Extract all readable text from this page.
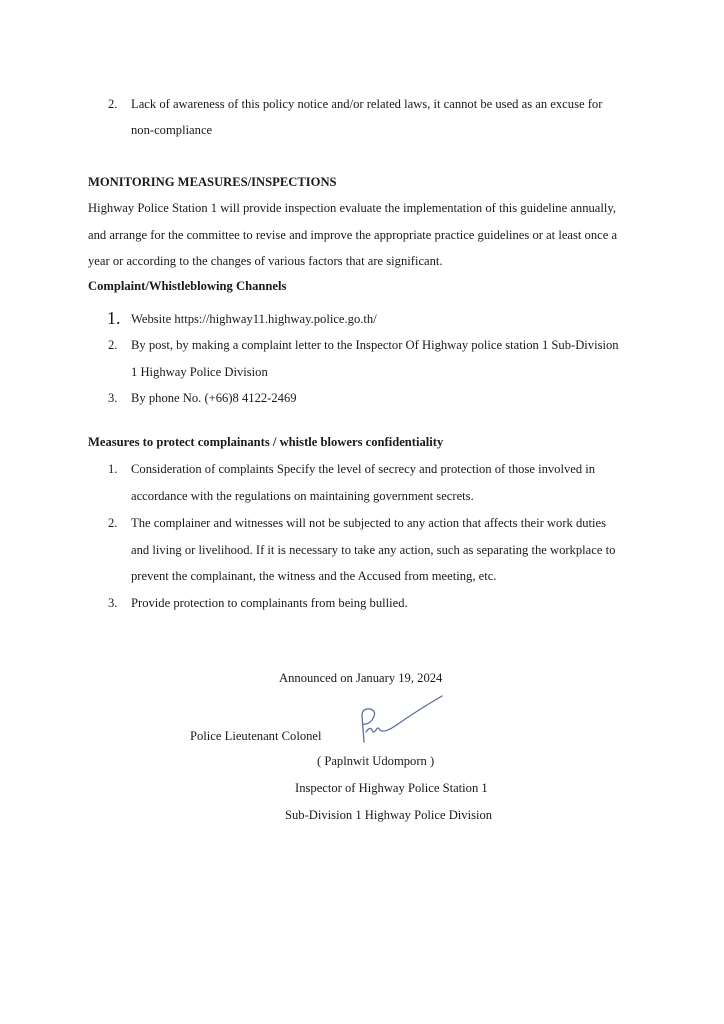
2. Lack of awareness of this policy notice and/or related laws, it cannot be used as an excuse for
non-compliance
MONITORING MEASURES/INSPECTIONS
Highway Police Station 1 will provide inspection evaluate the implementation of this guideline annually,
and arrange for the committee to revise and improve the appropriate practice guidelines or at least once a
year or according to the changes of various factors that are significant.
Complaint/Whistleblowing Channels
1. Website https://highway11.highway.police.go.th/
2. By post, by making a complaint letter to the Inspector Of Highway police station 1 Sub-Division
1 Highway Police Division
3. By phone No. (+66)8 4122-2469
Measures to protect complainants / whistle blowers confidentiality
1. Consideration of complaints Specify the level of secrecy and protection of those involved in
accordance with the regulations on maintaining government secrets.
2. The complainer and witnesses will not be subjected to any action that affects their work duties
and living or livelihood. If it is necessary to take any action, such as separating the workplace to
prevent the complainant, the witness and the Accused from meeting, etc.
3. Provide protection to complainants from being bullied.
Announced on January 19, 2024
Police Lieutenant Colonel
( Paplnwit Udomporn )
Inspector of Highway Police Station 1
Sub-Division 1 Highway Police Division
